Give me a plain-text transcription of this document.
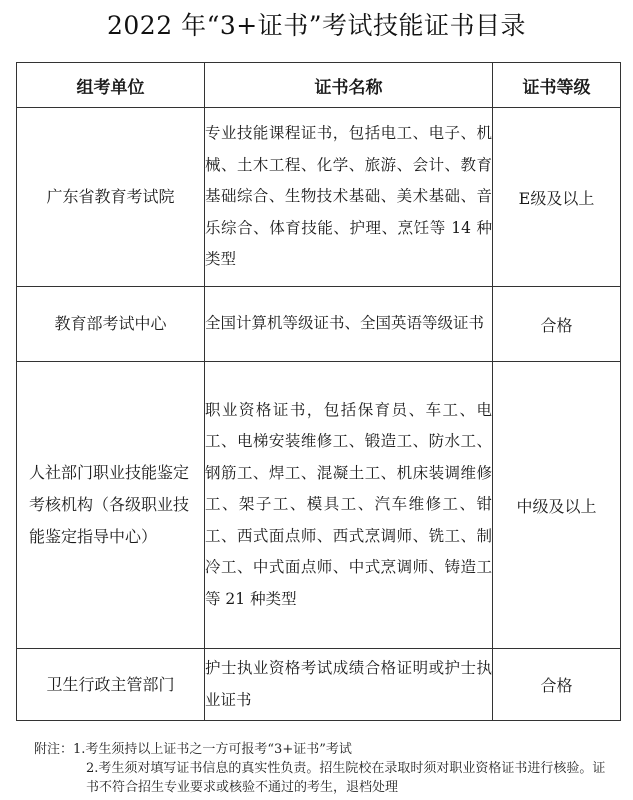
2022 年“3+证书”考试技能证书目录
组考单位	证书名称	证书等级
广东省教育考试院	专业技能课程证书，包括电工、电子、机械、土木工程、化学、旅游、会计、教育基础综合、生物技术基础、美术基础、音乐综合、体育技能、护理、烹饪等 14 种类型	E级及以上
教育部考试中心	全国计算机等级证书、全国英语等级证书	合格
人社部门职业技能鉴定考核机构（各级职业技能鉴定指导中心）	职业资格证书，包括保育员、车工、电工、电梯安装维修工、锻造工、防水工、钢筋工、焊工、混凝土工、机床装调维修工、架子工、模具工、汽车维修工、钳工、西式面点师、西式烹调师、铣工、制冷工、中式面点师、中式烹调师、铸造工等 21 种类型	中级及以上
卫生行政主管部门	护士执业资格考试成绩合格证明或护士执业证书	合格
附注：1.考生须持以上证书之一方可报考“3+证书”考试
2.考生须对填写证书信息的真实性负责。招生院校在录取时须对职业资格证书进行核验。证书不符合招生专业要求或核验不通过的考生，退档处理
